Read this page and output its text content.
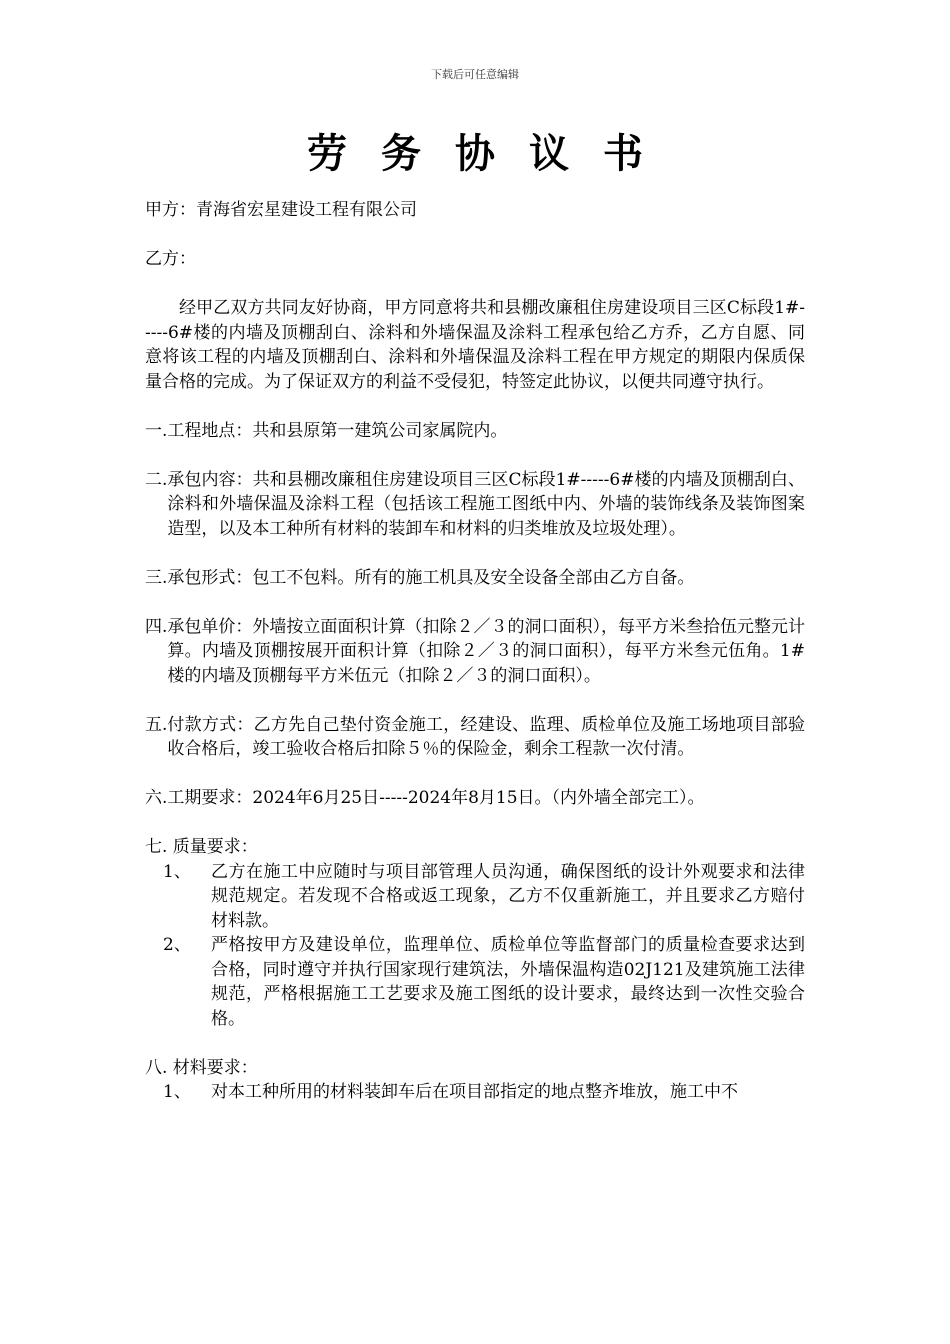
下载后可任意编辑
劳务协议书

甲方：青海省宏星建设工程有限公司

乙方：

经甲乙双方共同友好协商，甲方同意将共和县棚改廉租住房建设项目三区C标段1#-----6#楼的内墙及顶棚刮白、涂料和外墙保温及涂料工程承包给乙方乔，乙方自愿、同意将该工程的内墙及顶棚刮白、涂料和外墙保温及涂料工程在甲方规定的期限内保质保量合格的完成。为了保证双方的利益不受侵犯，特签定此协议，以便共同遵守执行。

一. 工程地点：共和县原第一建筑公司家属院内。
二. 承包内容：共和县棚改廉租住房建设项目三区C标段1#-----6#楼的内墙及顶棚刮白、涂料和外墙保温及涂料工程（包括该工程施工图纸中内、外墙的装饰线条及装饰图案造型，以及本工种所有材料的装卸车和材料的归类堆放及垃圾处理）。
三. 承包形式：包工不包料。所有的施工机具及安全设备全部由乙方自备。
四. 承包单价：外墙按立面面积计算（扣除２／３的洞口面积），每平方米叁拾伍元整元计算。内墙及顶棚按展开面积计算（扣除２／３的洞口面积），每平方米叁元伍角。1#楼的内墙及顶棚每平方米伍元（扣除２／３的洞口面积）。
五. 付款方式：乙方先自己垫付资金施工，经建设、监理、质检单位及施工场地项目部验收合格后，竣工验收合格后扣除５％的保险金，剩余工程款一次付清。
六. 工期要求：2024年6月25日-----2024年8月15日。（内外墙全部完工）。

七. 质量要求：

1、	乙方在施工中应随时与项目部管理人员沟通，确保图纸的设计外观要求和法律规范规定。若发现不合格或返工现象，乙方不仅重新施工，并且要求乙方赔付材料款。
2、	严格按甲方及建设单位，监理单位、质检单位等监督部门的质量检查要求达到合格，同时遵守并执行国家现行建筑法，外墙保温构造02J121及建筑施工法律规范，严格根据施工工艺要求及施工图纸的设计要求，最终达到一次性交验合格。

八. 材料要求：

1、	对本工种所用的材料装卸车后在项目部指定的地点整齐堆放，施工中不
